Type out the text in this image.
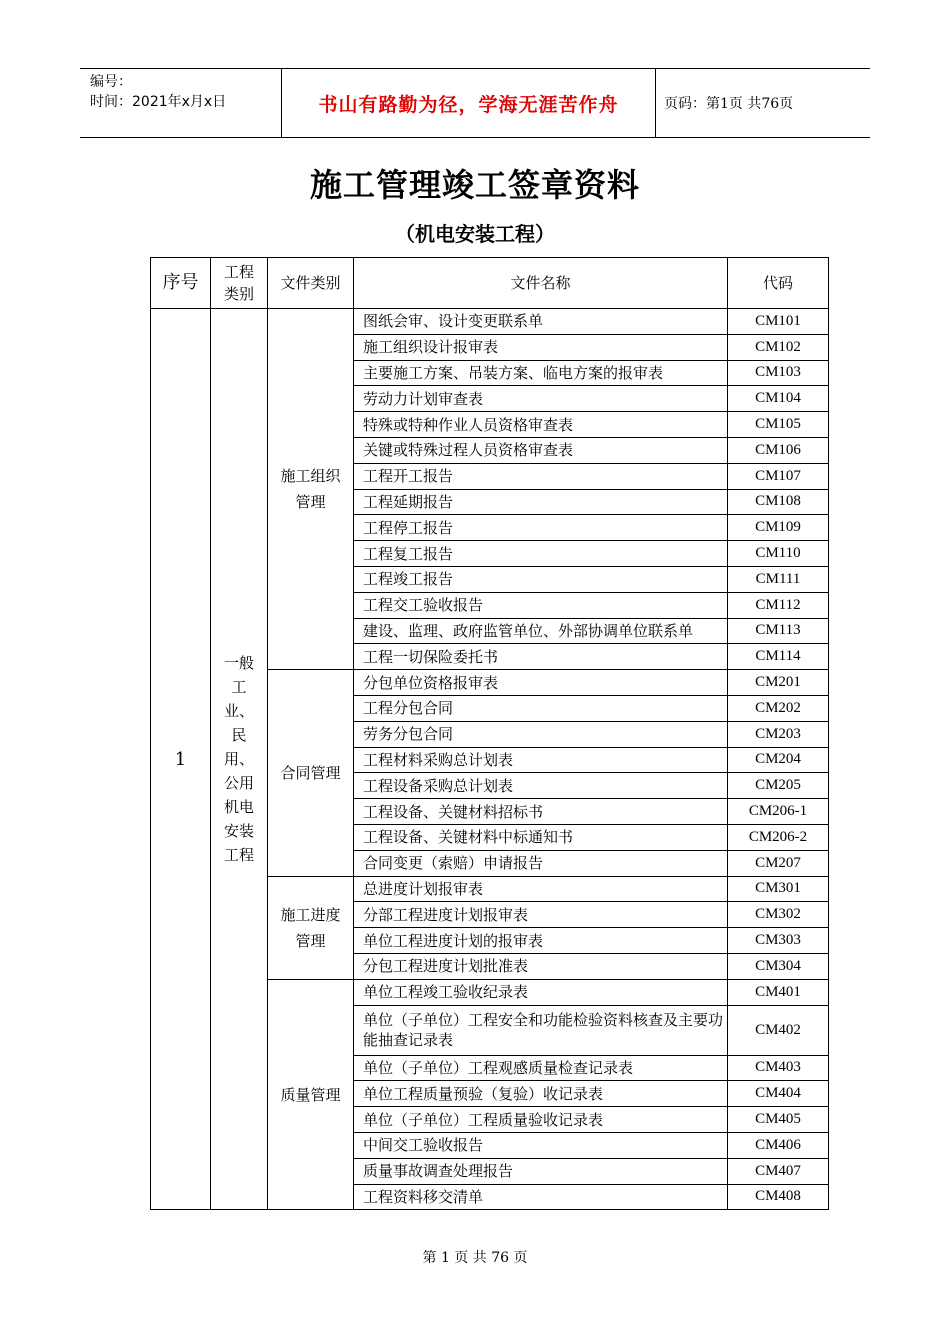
编号：
时间：2021年x月x日	书山有路勤为径，学海无涯苦作舟	页码：第1页 共76页
施工管理竣工签章资料
（机电安装工程）
序号	工程类别	文件类别	文件名称	代码
1	一般工业、民用、公用机电安装工程	施工组织管理	图纸会审、设计变更联系单	CM101
			施工组织设计报审表	CM102
			主要施工方案、吊装方案、临电方案的报审表	CM103
			劳动力计划审查表	CM104
			特殊或特种作业人员资格审查表	CM105
			关键或特殊过程人员资格审查表	CM106
			工程开工报告	CM107
			工程延期报告	CM108
			工程停工报告	CM109
			工程复工报告	CM110
			工程竣工报告	CM111
			工程交工验收报告	CM112
			建设、监理、政府监管单位、外部协调单位联系单	CM113
			工程一切保险委托书	CM114
		合同管理	分包单位资格报审表	CM201
			工程分包合同	CM202
			劳务分包合同	CM203
			工程材料采购总计划表	CM204
			工程设备采购总计划表	CM205
			工程设备、关键材料招标书	CM206-1
			工程设备、关键材料中标通知书	CM206-2
			合同变更（索赔）申请报告	CM207
		施工进度管理	总进度计划报审表	CM301
			分部工程进度计划报审表	CM302
			单位工程进度计划的报审表	CM303
			分包工程进度计划批准表	CM304
		质量管理	单位工程竣工验收纪录表	CM401
			单位（子单位）工程安全和功能检验资料核查及主要功能抽查记录表	CM402
			单位（子单位）工程观感质量检查记录表	CM403
			单位工程质量预验（复验）收记录表	CM404
			单位（子单位）工程质量验收记录表	CM405
			中间交工验收报告	CM406
			质量事故调查处理报告	CM407
			工程资料移交清单	CM408
第 1 页 共 76 页
